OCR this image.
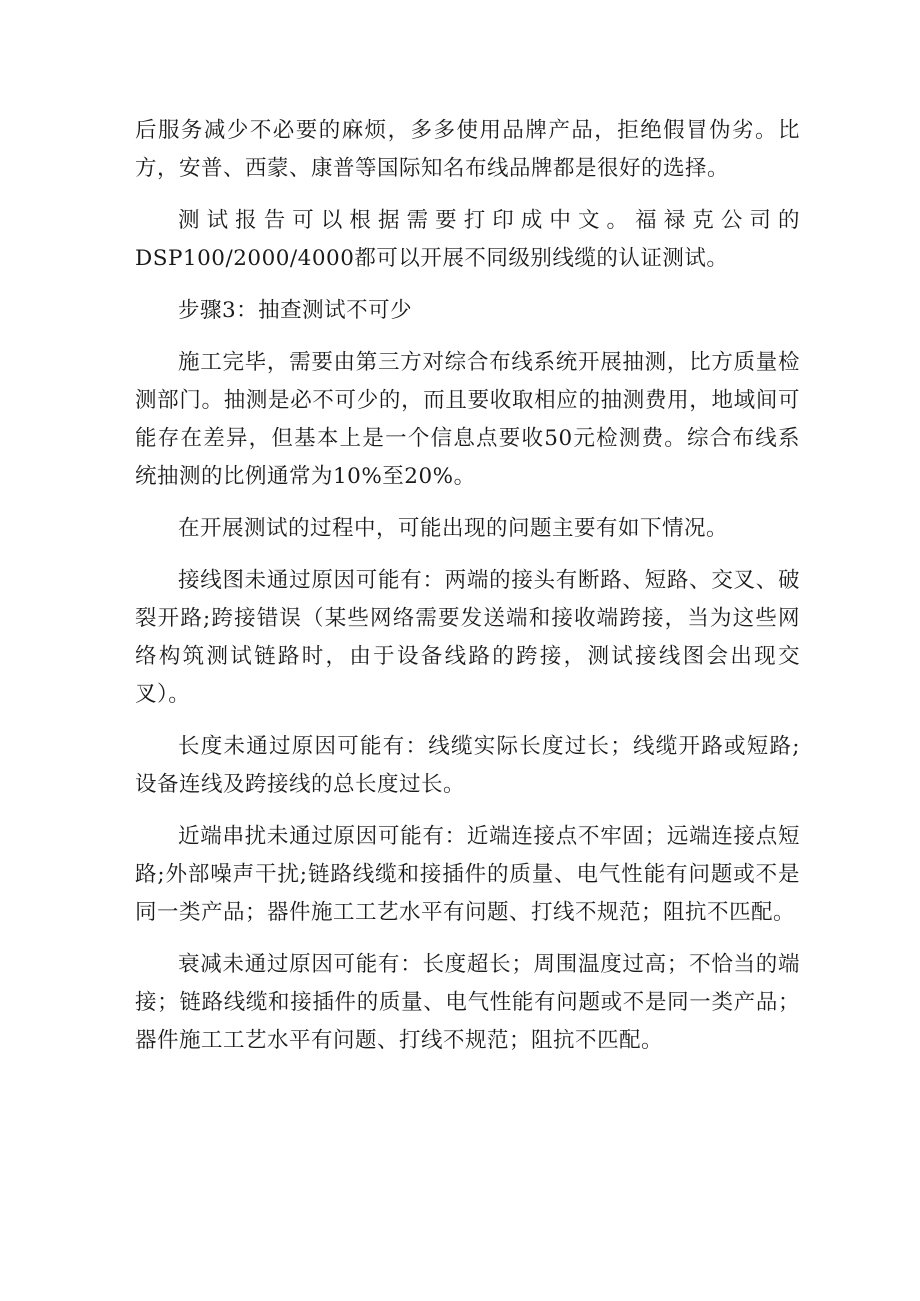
后服务减少不必要的麻烦，多多使用品牌产品，拒绝假冒伪劣。比方，安普、西蒙、康普等国际知名布线品牌都是很好的选择。

测试报告可以根据需要打印成中文。福禄克公司的DSP100/2000/4000都可以开展不同级别线缆的认证测试。

步骤3：抽查测试不可少

施工完毕，需要由第三方对综合布线系统开展抽测，比方质量检测部门。抽测是必不可少的，而且要收取相应的抽测费用，地域间可能存在差异，但基本上是一个信息点要收50元检测费。综合布线系统抽测的比例通常为10%至20%。

在开展测试的过程中，可能出现的问题主要有如下情况。

接线图未通过原因可能有：两端的接头有断路、短路、交叉、破裂开路;跨接错误（某些网络需要发送端和接收端跨接，当为这些网络构筑测试链路时，由于设备线路的跨接，测试接线图会出现交叉）。

长度未通过原因可能有：线缆实际长度过长；线缆开路或短路;设备连线及跨接线的总长度过长。

近端串扰未通过原因可能有：近端连接点不牢固；远端连接点短路;外部噪声干扰;链路线缆和接插件的质量、电气性能有问题或不是同一类产品；器件施工工艺水平有问题、打线不规范；阻抗不匹配。

衰减未通过原因可能有：长度超长；周围温度过高；不恰当的端接；链路线缆和接插件的质量、电气性能有问题或不是同一类产品；器件施工工艺水平有问题、打线不规范；阻抗不匹配。
